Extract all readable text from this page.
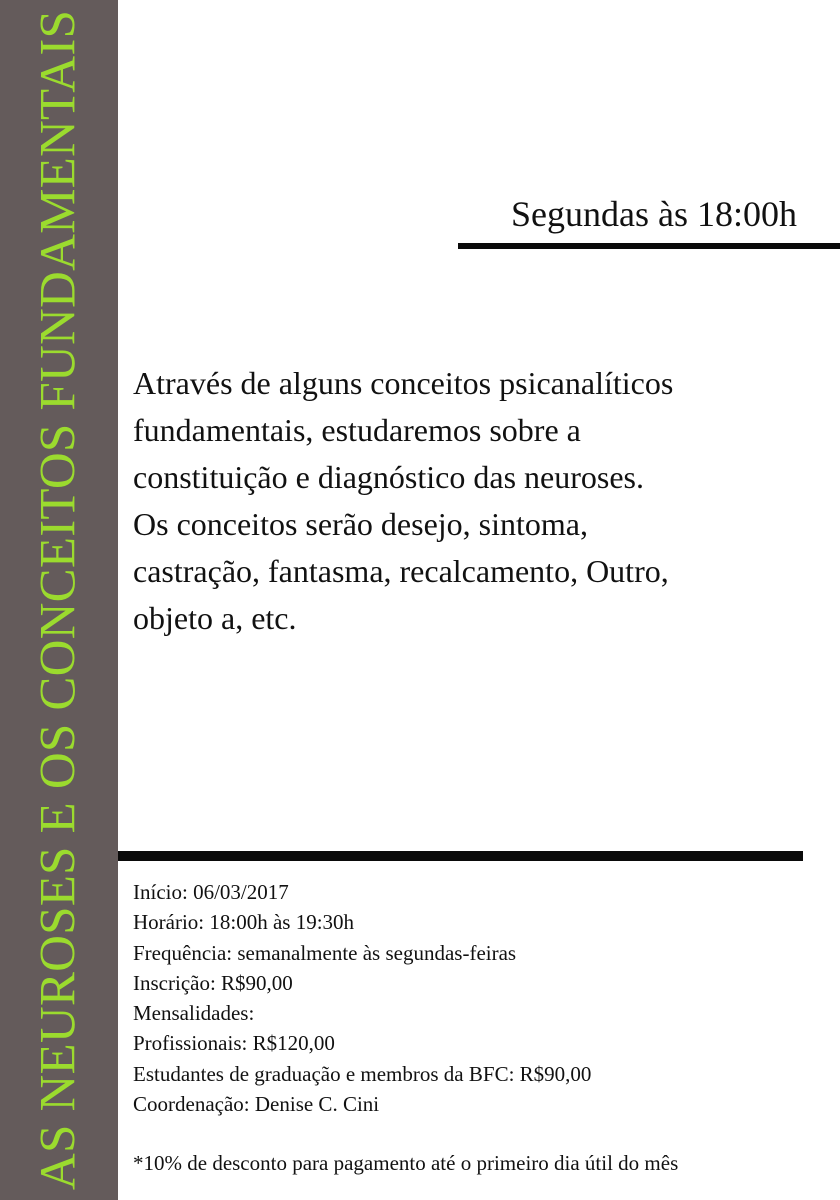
AS NEUROSES E OS CONCEITOS FUNDAMENTAIS	Segundas às 18:00h
Através de alguns conceitos psicanalíticos
fundamentais, estudaremos sobre a
constituição e diagnóstico das neuroses.
Os conceitos serão desejo, sintoma,
castração, fantasma, recalcamento, Outro,
objeto a, etc.
Início: 06/03/2017
Horário: 18:00h às 19:30h
Frequência: semanalmente às segundas-feiras
Inscrição: R$90,00
Mensalidades:
Profissionais: R$120,00
Estudantes de graduação e membros da BFC: R$90,00
Coordenação: Denise C. Cini
*10% de desconto para pagamento até o primeiro dia útil do mês
